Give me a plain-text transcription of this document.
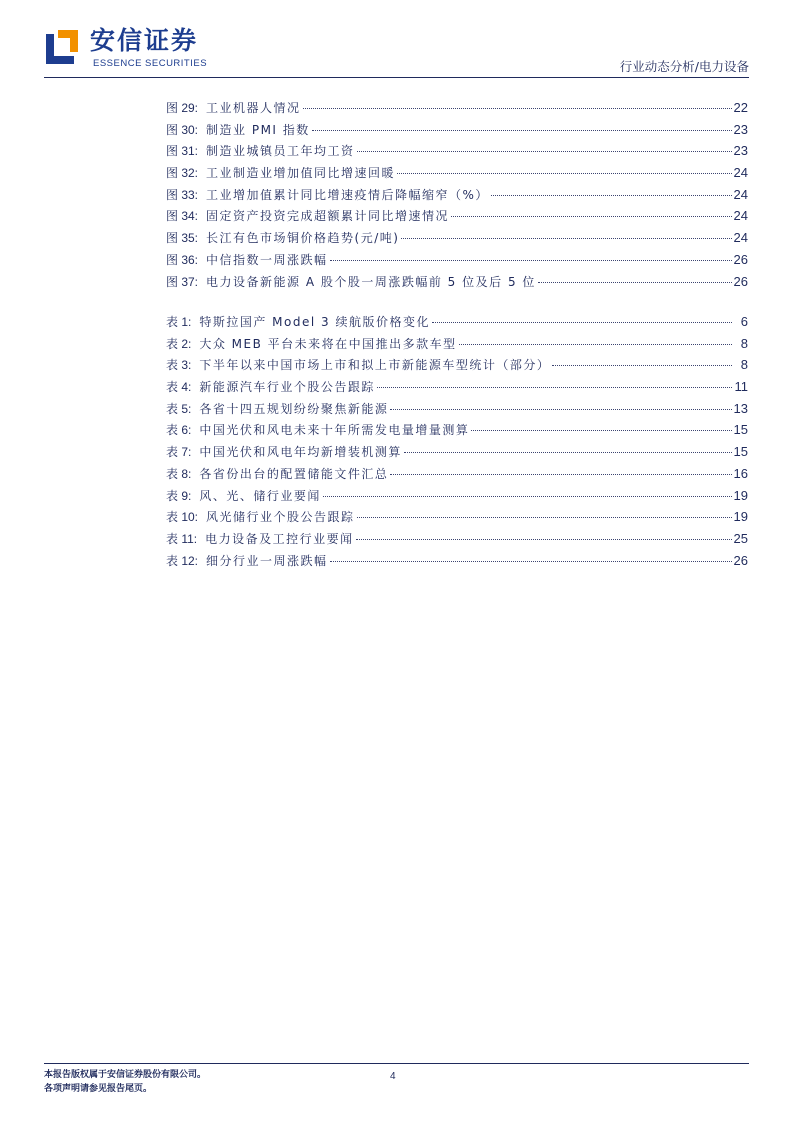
安信证券
ESSENCE SECURITIES	行业动态分析/电力设备
图 29: 工业机器人情况	22
图 30: 制造业 PMI 指数	23
图 31: 制造业城镇员工年均工资	23
图 32: 工业制造业增加值同比增速回暖	24
图 33: 工业增加值累计同比增速疫情后降幅缩窄（%）	24
图 34: 固定资产投资完成超额累计同比增速情况	24
图 35: 长江有色市场铜价格趋势(元/吨)	24
图 36: 中信指数一周涨跌幅	26
图 37: 电力设备新能源 A 股个股一周涨跌幅前 5 位及后 5 位	26
表 1: 特斯拉国产 Model 3 续航版价格变化	6
表 2: 大众 MEB 平台未来将在中国推出多款车型	8
表 3: 下半年以来中国市场上市和拟上市新能源车型统计（部分）	8
表 4: 新能源汽车行业个股公告跟踪	11
表 5: 各省十四五规划纷纷聚焦新能源	13
表 6: 中国光伏和风电未来十年所需发电量增量测算	15
表 7: 中国光伏和风电年均新增装机测算	15
表 8: 各省份出台的配置储能文件汇总	16
表 9: 风、光、储行业要闻	19
表 10: 风光储行业个股公告跟踪	19
表 11: 电力设备及工控行业要闻	25
表 12: 细分行业一周涨跌幅	26
本报告版权属于安信证券股份有限公司。
各项声明请参见报告尾页。
4
